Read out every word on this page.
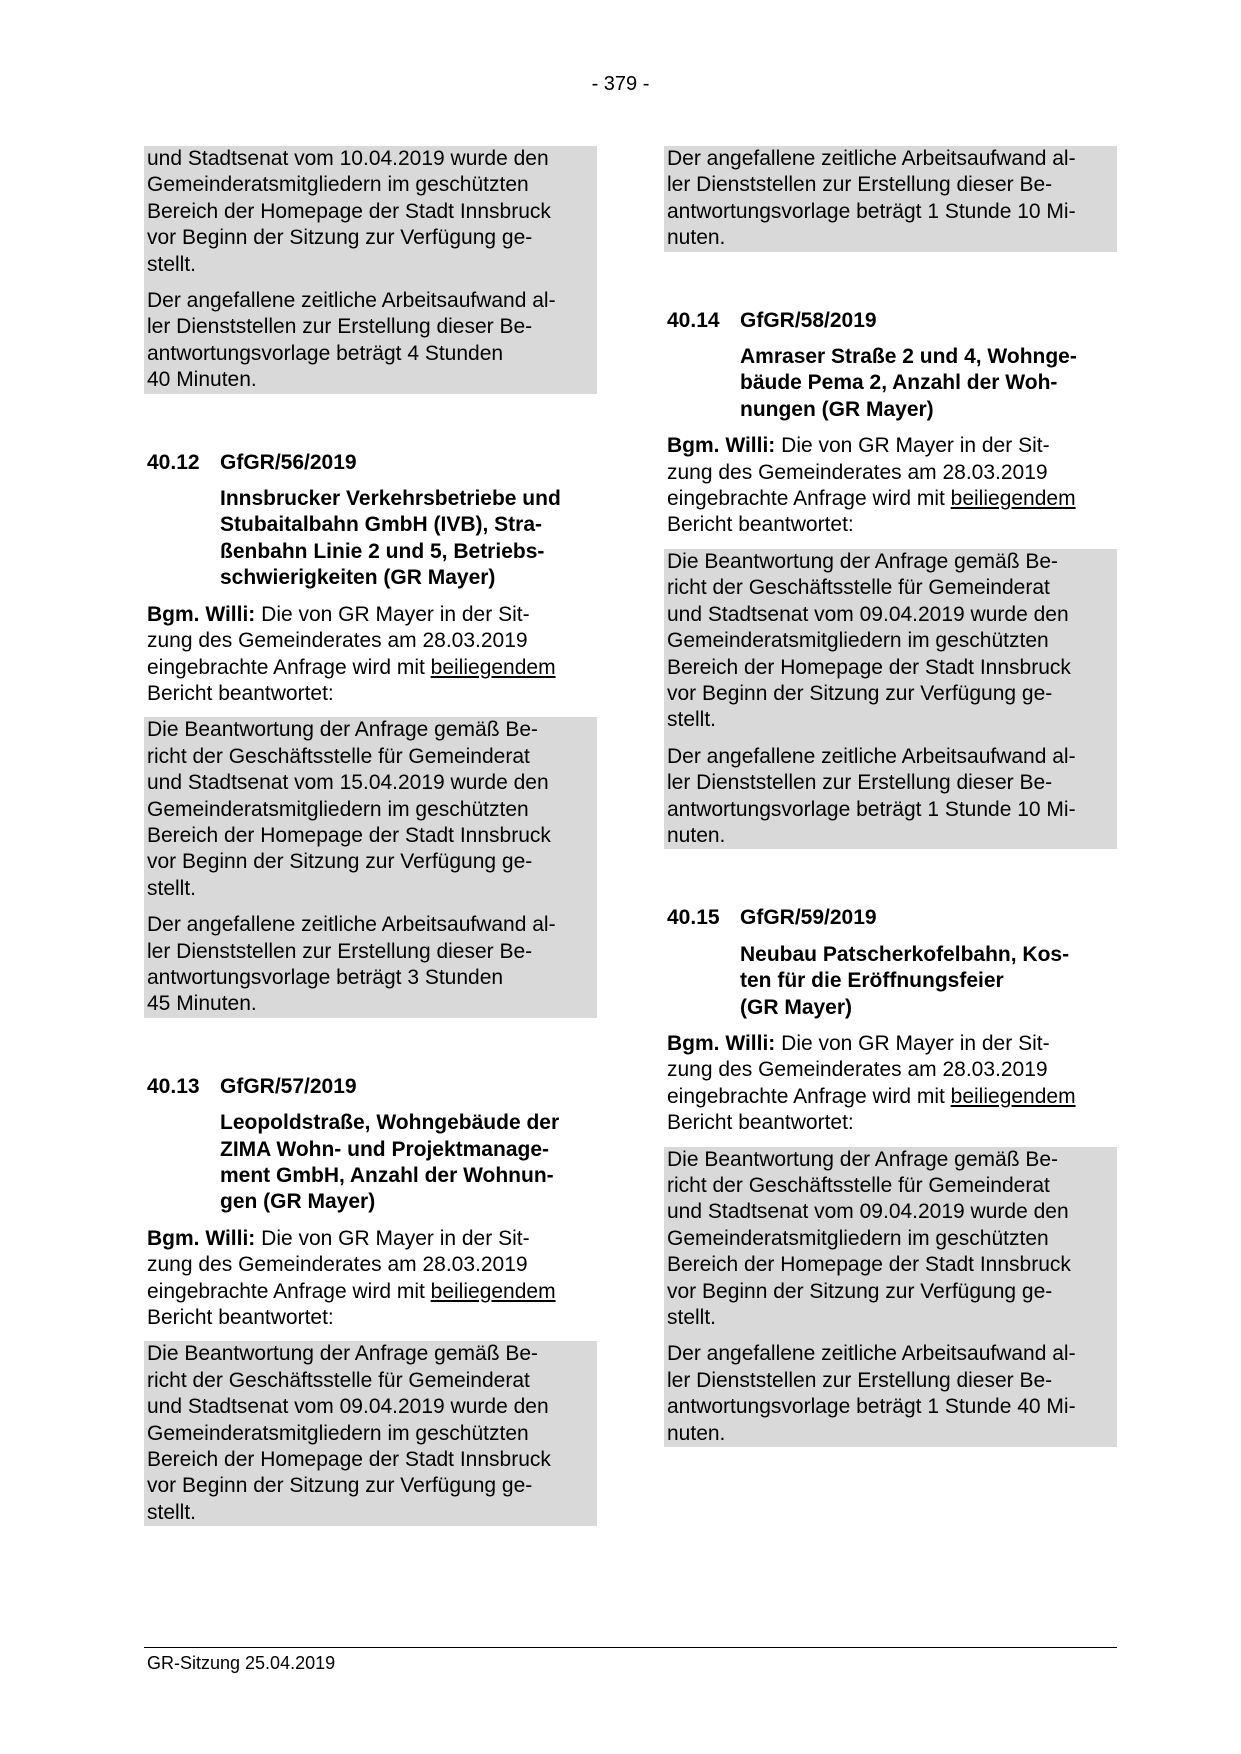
- 379 -

und Stadtsenat vom 10.04.2019 wurde den
Gemeinderatsmitgliedern im geschützten
Bereich der Homepage der Stadt Innsbruck
vor Beginn der Sitzung zur Verfügung ge-
stellt.

Der angefallene zeitliche Arbeitsaufwand al-
ler Dienststellen zur Erstellung dieser Be-
antwortungsvorlage beträgt 4 Stunden
40 Minuten.

40.12 GfGR/56/2019

Innsbrucker Verkehrsbetriebe und
Stubaitalbahn GmbH (IVB), Stra-
ßenbahn Linie 2 und 5, Betriebs-
schwierigkeiten (GR Mayer)

Bgm. Willi: Die von GR Mayer in der Sit-
zung des Gemeinderates am 28.03.2019
eingebrachte Anfrage wird mit beiliegendem
Bericht beantwortet:

Die Beantwortung der Anfrage gemäß Be-
richt der Geschäftsstelle für Gemeinderat
und Stadtsenat vom 15.04.2019 wurde den
Gemeinderatsmitgliedern im geschützten
Bereich der Homepage der Stadt Innsbruck
vor Beginn der Sitzung zur Verfügung ge-
stellt.

Der angefallene zeitliche Arbeitsaufwand al-
ler Dienststellen zur Erstellung dieser Be-
antwortungsvorlage beträgt 3 Stunden
45 Minuten.

40.13 GfGR/57/2019

Leopoldstraße, Wohngebäude der
ZIMA Wohn- und Projektmanage-
ment GmbH, Anzahl der Wohnun-
gen (GR Mayer)

Bgm. Willi: Die von GR Mayer in der Sit-
zung des Gemeinderates am 28.03.2019
eingebrachte Anfrage wird mit beiliegendem
Bericht beantwortet:

Die Beantwortung der Anfrage gemäß Be-
richt der Geschäftsstelle für Gemeinderat
und Stadtsenat vom 09.04.2019 wurde den
Gemeinderatsmitgliedern im geschützten
Bereich der Homepage der Stadt Innsbruck
vor Beginn der Sitzung zur Verfügung ge-
stellt.

Der angefallene zeitliche Arbeitsaufwand al-
ler Dienststellen zur Erstellung dieser Be-
antwortungsvorlage beträgt 1 Stunde 10 Mi-
nuten.

40.14 GfGR/58/2019

Amraser Straße 2 und 4, Wohnge-
bäude Pema 2, Anzahl der Woh-
nungen (GR Mayer)

Bgm. Willi: Die von GR Mayer in der Sit-
zung des Gemeinderates am 28.03.2019
eingebrachte Anfrage wird mit beiliegendem
Bericht beantwortet:

Die Beantwortung der Anfrage gemäß Be-
richt der Geschäftsstelle für Gemeinderat
und Stadtsenat vom 09.04.2019 wurde den
Gemeinderatsmitgliedern im geschützten
Bereich der Homepage der Stadt Innsbruck
vor Beginn der Sitzung zur Verfügung ge-
stellt.

Der angefallene zeitliche Arbeitsaufwand al-
ler Dienststellen zur Erstellung dieser Be-
antwortungsvorlage beträgt 1 Stunde 10 Mi-
nuten.

40.15 GfGR/59/2019

Neubau Patscherkofelbahn, Kos-
ten für die Eröffnungsfeier
(GR Mayer)

Bgm. Willi: Die von GR Mayer in der Sit-
zung des Gemeinderates am 28.03.2019
eingebrachte Anfrage wird mit beiliegendem
Bericht beantwortet:

Die Beantwortung der Anfrage gemäß Be-
richt der Geschäftsstelle für Gemeinderat
und Stadtsenat vom 09.04.2019 wurde den
Gemeinderatsmitgliedern im geschützten
Bereich der Homepage der Stadt Innsbruck
vor Beginn der Sitzung zur Verfügung ge-
stellt.

Der angefallene zeitliche Arbeitsaufwand al-
ler Dienststellen zur Erstellung dieser Be-
antwortungsvorlage beträgt 1 Stunde 40 Mi-
nuten.

GR-Sitzung 25.04.2019
